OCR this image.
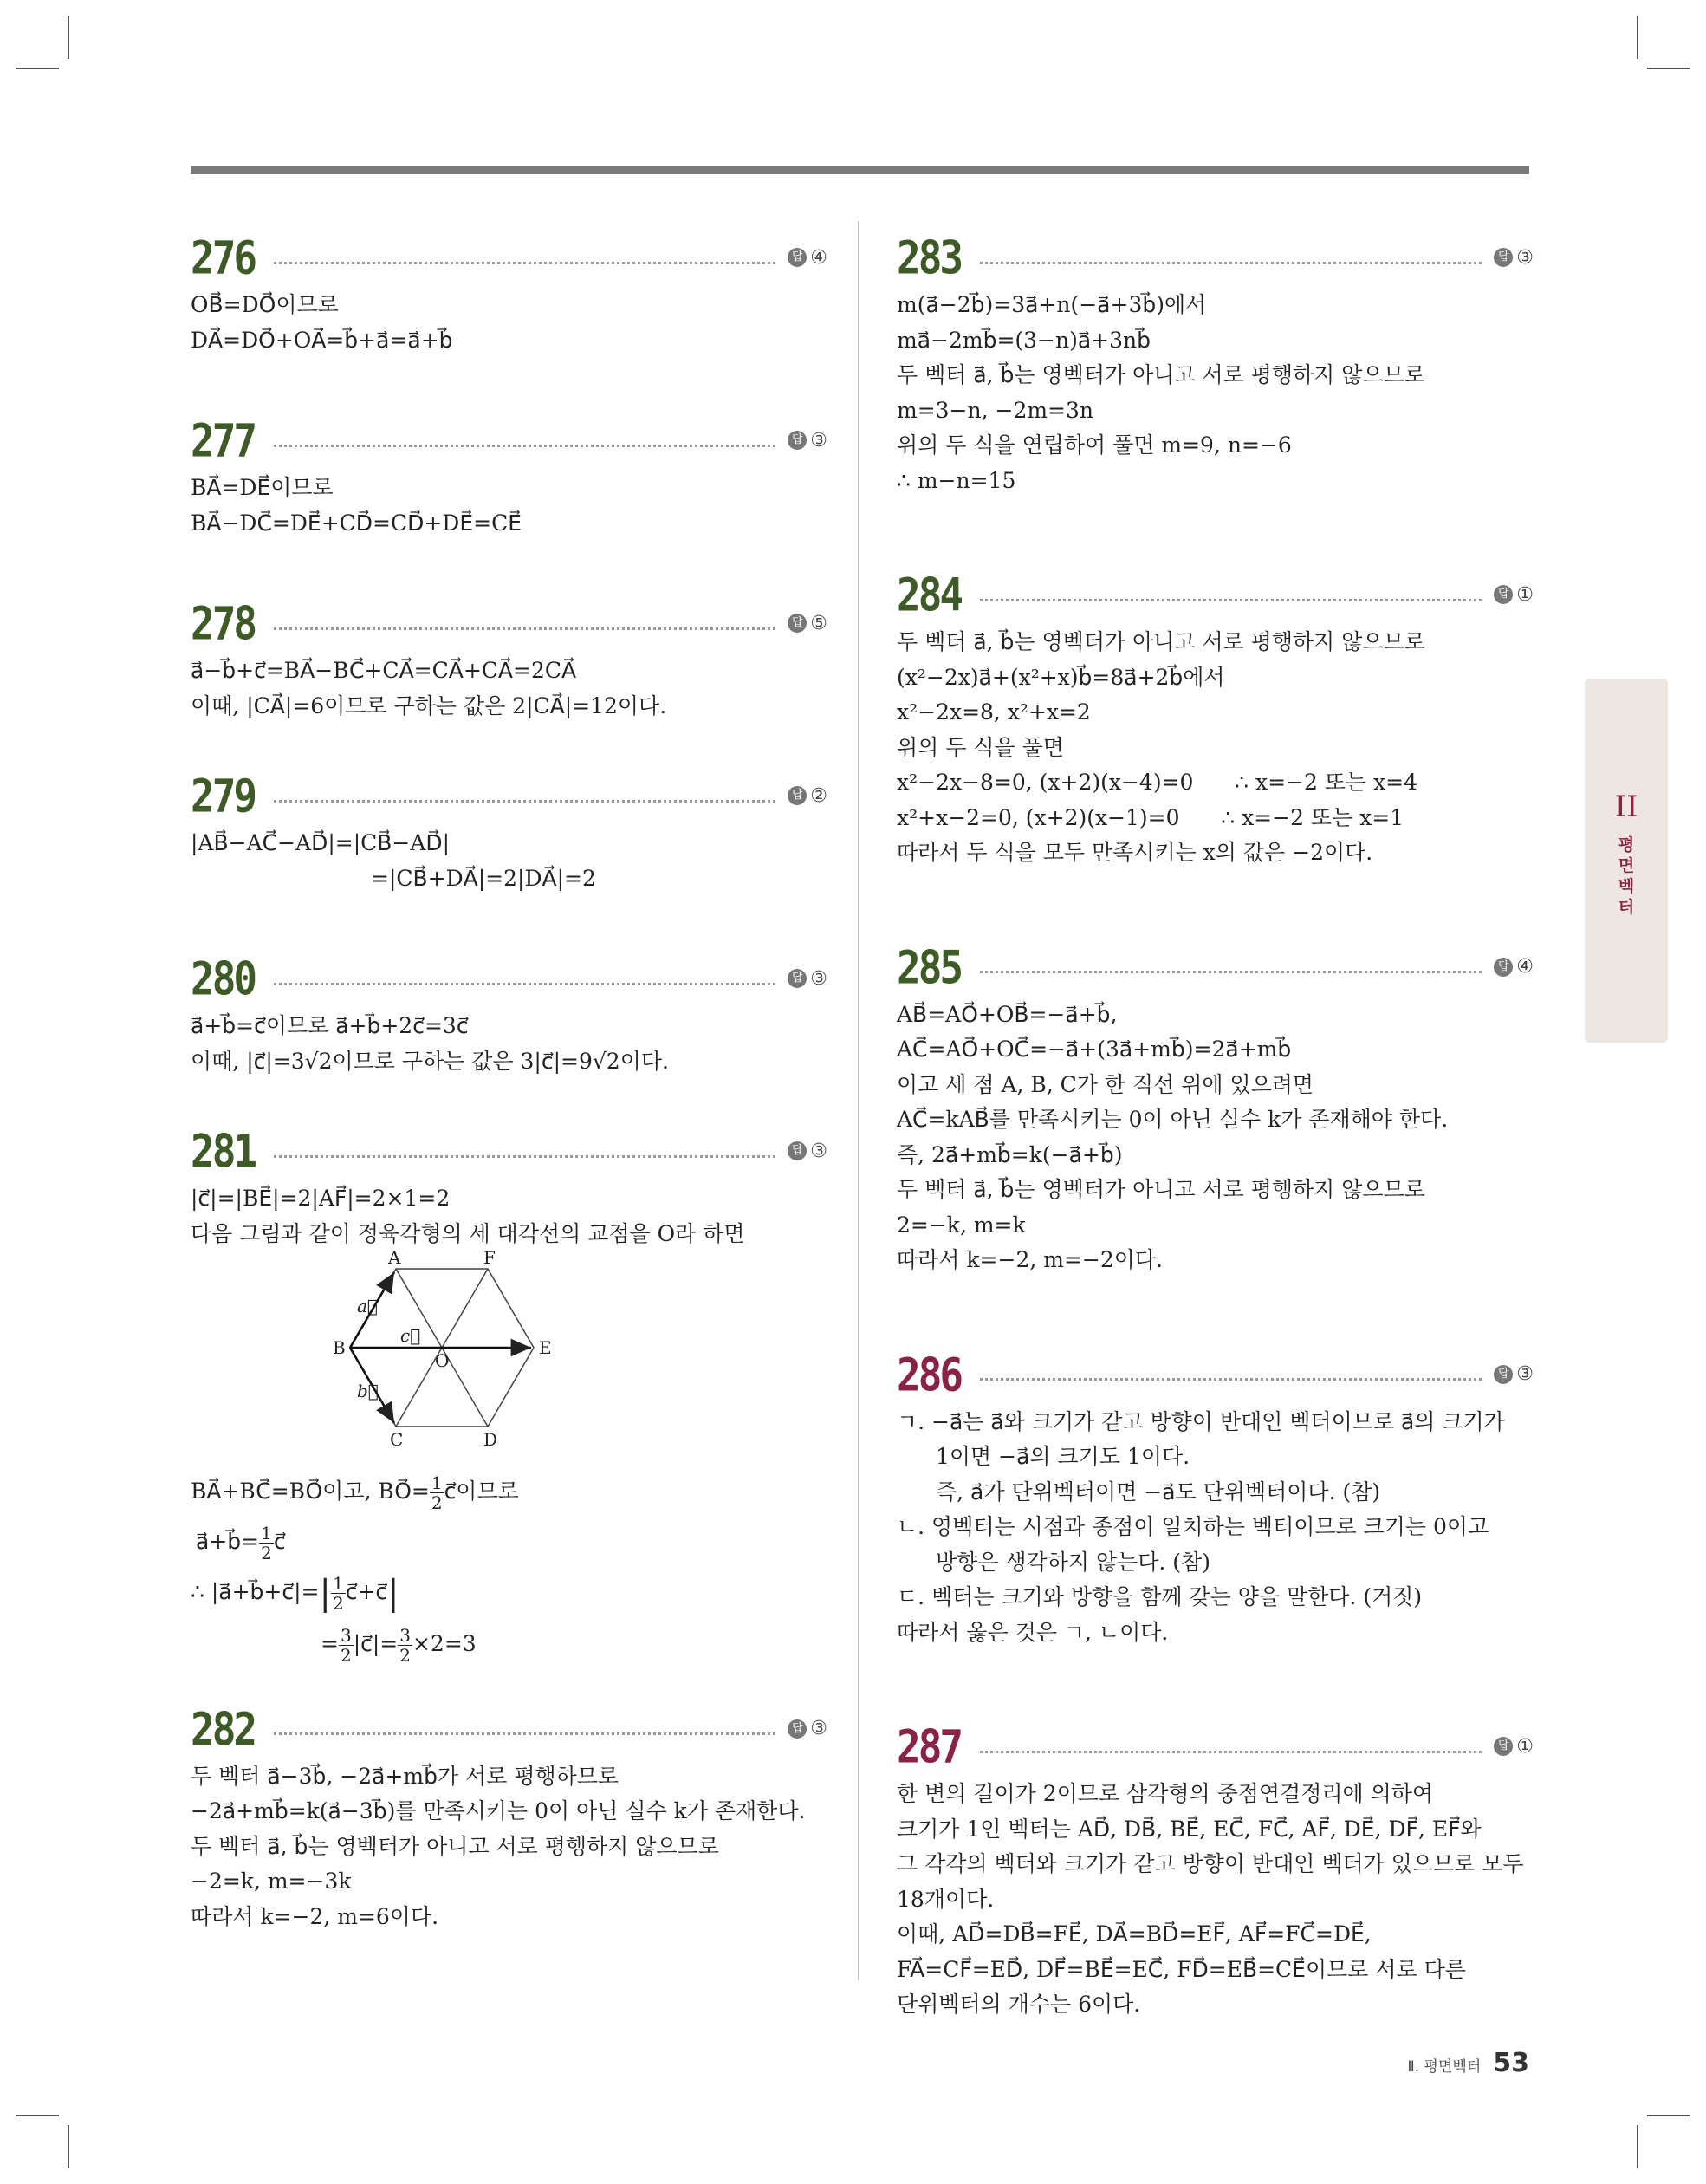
276	답 ④
OB⃗=DO⃗이므로
DA⃗=DO⃗+OA⃗=b⃗+a⃗=a⃗+b⃗
277	답 ③
BA⃗=DE⃗이므로
BA⃗−DC⃗=DE⃗+CD⃗=CD⃗+DE⃗=CE⃗
278	답 ⑤
a⃗−b⃗+c⃗=BA⃗−BC⃗+CA⃗=CA⃗+CA⃗=2CA⃗
이때, |CA⃗|=6이므로 구하는 값은 2|CA⃗|=12이다.
279	답 ②
|AB⃗−AC⃗−AD⃗|=|CB⃗−AD⃗|
=|CB⃗+DA⃗|=2|DA⃗|=2
280	답 ③
a⃗+b⃗=c⃗이므로 a⃗+b⃗+2c⃗=3c⃗
이때, |c⃗|=3√2이므로 구하는 값은 3|c⃗|=9√2이다.
281	답 ③
|c⃗|=|BE⃗|=2|AF⃗|=2×1=2
다음 그림과 같이 정육각형의 세 대각선의 교점을 O라 하면
A	F
B	E
C	D
O
a⃗
b⃗
c⃗
BA⃗+BC⃗=BO⃗이고, BO⃗= $\frac{1}{2}$ c⃗이므로
a⃗+b⃗= $\frac{1}{2}$ c⃗
∴ |a⃗+b⃗+c⃗|=| $\frac{1}{2}$ c⃗+c⃗|
= $\frac{3}{2}$ |c⃗|= $\frac{3}{2} \times 2=3$
282	답 ③
두 벡터 a⃗−3b⃗, −2a⃗+mb⃗가 서로 평행하므로
−2a⃗+mb⃗=k(a⃗−3b⃗)를 만족시키는 0이 아닌 실수 k가 존재한다.
두 벡터 a⃗, b⃗는 영벡터가 아니고 서로 평행하지 않으므로
−2=k, m=−3k
따라서 k=−2, m=6이다.
283	답 ③
m(a⃗−2b⃗)=3a⃗+n(−a⃗+3b⃗)에서
ma⃗−2mb⃗=(3−n)a⃗+3nb⃗
두 벡터 a⃗, b⃗는 영벡터가 아니고 서로 평행하지 않으므로
m=3−n, −2m=3n
위의 두 식을 연립하여 풀면 m=9, n=−6
∴ m−n=15
284	답 ①
두 벡터 a⃗, b⃗는 영벡터가 아니고 서로 평행하지 않으므로
(x²−2x)a⃗+(x²+x)b⃗=8a⃗+2b⃗에서
x²−2x=8, x²+x=2
위의 두 식을 풀면
x²−2x−8=0, (x+2)(x−4)=0      ∴ x=−2 또는 x=4
x²+x−2=0, (x+2)(x−1)=0      ∴ x=−2 또는 x=1
따라서 두 식을 모두 만족시키는 x의 값은 −2이다.
285	답 ④
AB⃗=AO⃗+OB⃗=−a⃗+b⃗,
AC⃗=AO⃗+OC⃗=−a⃗+(3a⃗+mb⃗)=2a⃗+mb⃗
이고 세 점 A, B, C가 한 직선 위에 있으려면
AC⃗=kAB⃗를 만족시키는 0이 아닌 실수 k가 존재해야 한다.
즉, 2a⃗+mb⃗=k(−a⃗+b⃗)
두 벡터 a⃗, b⃗는 영벡터가 아니고 서로 평행하지 않으므로
2=−k, m=k
따라서 k=−2, m=−2이다.
286	답 ③
ㄱ. −a⃗는 a⃗와 크기가 같고 방향이 반대인 벡터이므로 a⃗의 크기가
1이면 −a⃗의 크기도 1이다.
즉, a⃗가 단위벡터이면 −a⃗도 단위벡터이다. (참)
ㄴ. 영벡터는 시점과 종점이 일치하는 벡터이므로 크기는 0이고
방향은 생각하지 않는다. (참)
ㄷ. 벡터는 크기와 방향을 함께 갖는 양을 말한다. (거짓)
따라서 옳은 것은 ㄱ, ㄴ이다.
287	답 ①
한 변의 길이가 2이므로 삼각형의 중점연결정리에 의하여
크기가 1인 벡터는 AD⃗, DB⃗, BE⃗, EC⃗, FC⃗, AF⃗, DE⃗, DF⃗, EF⃗와
그 각각의 벡터와 크기가 같고 방향이 반대인 벡터가 있으므로 모두
18개이다.
이때, AD⃗=DB⃗=FE⃗, DA⃗=BD⃗=EF⃗, AF⃗=FC⃗=DE⃗,
FA⃗=CF⃗=ED⃗, DF⃗=BE⃗=EC⃗, FD⃗=EB⃗=CE⃗이므로 서로 다른
단위벡터의 개수는 6이다.
II
평면벡터
Ⅱ. 평면벡터 53
